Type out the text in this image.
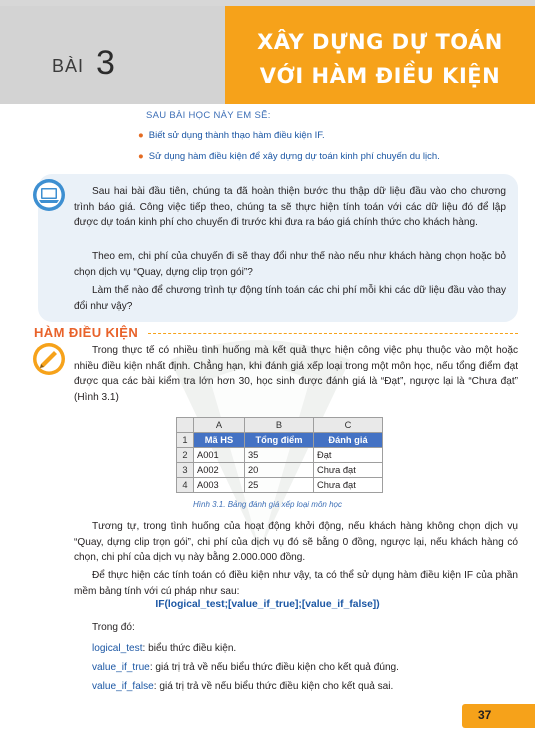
BÀI 3
XÂY DỰNG DỰ TOÁN
VỚI HÀM ĐIỀU KIỆN
SAU BÀI HỌC NÀY EM SẼ:
● Biết sử dụng thành thạo hàm điều kiện IF.
● Sử dụng hàm điều kiện để xây dựng dự toán kinh phí chuyến du lịch.
Sau hai bài đầu tiên, chúng ta đã hoàn thiện bước thu thập dữ liệu đầu vào cho chương trình báo giá. Công việc tiếp theo, chúng ta sẽ thực hiện tính toán với các dữ liệu đó để lập được dự toán kinh phí cho chuyến đi trước khi đưa ra báo giá chính thức cho khách hàng.
Theo em, chi phí của chuyến đi sẽ thay đổi như thế nào nếu như khách hàng chọn hoặc bỏ chọn dịch vụ “Quay, dựng clip trọn gói”?
Làm thế nào để chương trình tự động tính toán các chi phí mỗi khi các dữ liệu đầu vào thay đổi như vậy?
HÀM ĐIỀU KIỆN
Trong thực tế có nhiều tình huống mà kết quả thực hiện công việc phụ thuộc vào một hoặc nhiều điều kiện nhất định. Chẳng hạn, khi đánh giá xếp loại trong một môn học, nếu tổng điểm đạt được qua các bài kiểm tra lớn hơn 30, học sinh được đánh giá là “Đạt”, ngược lại là “Chưa đạt” (Hình 3.1)
	A	B	C
1	Mã HS	Tổng điểm	Đánh giá
2	A001	35	Đạt
3	A002	20	Chưa đạt
4	A003	25	Chưa đạt
Hình 3.1. Bảng đánh giá xếp loại môn học
Tương tự, trong tình huống của hoạt động khởi động, nếu khách hàng không chọn dịch vụ “Quay, dựng clip trọn gói”, chi phí của dịch vụ đó sẽ bằng 0 đồng, ngược lại, nếu khách hàng có chọn, chi phí của dịch vụ này bằng 2.000.000 đồng.
Để thực hiện các tính toán có điều kiện như vậy, ta có thể sử dụng hàm điều kiện IF của phần mềm bảng tính với cú pháp như sau:
IF(logical_test;[value_if_true];[value_if_false])
Trong đó:
logical_test: biểu thức điều kiện.
value_if_true: giá trị trả về nếu biểu thức điều kiện cho kết quả đúng.
value_if_false: giá trị trả về nếu biểu thức điều kiện cho kết quả sai.
37
